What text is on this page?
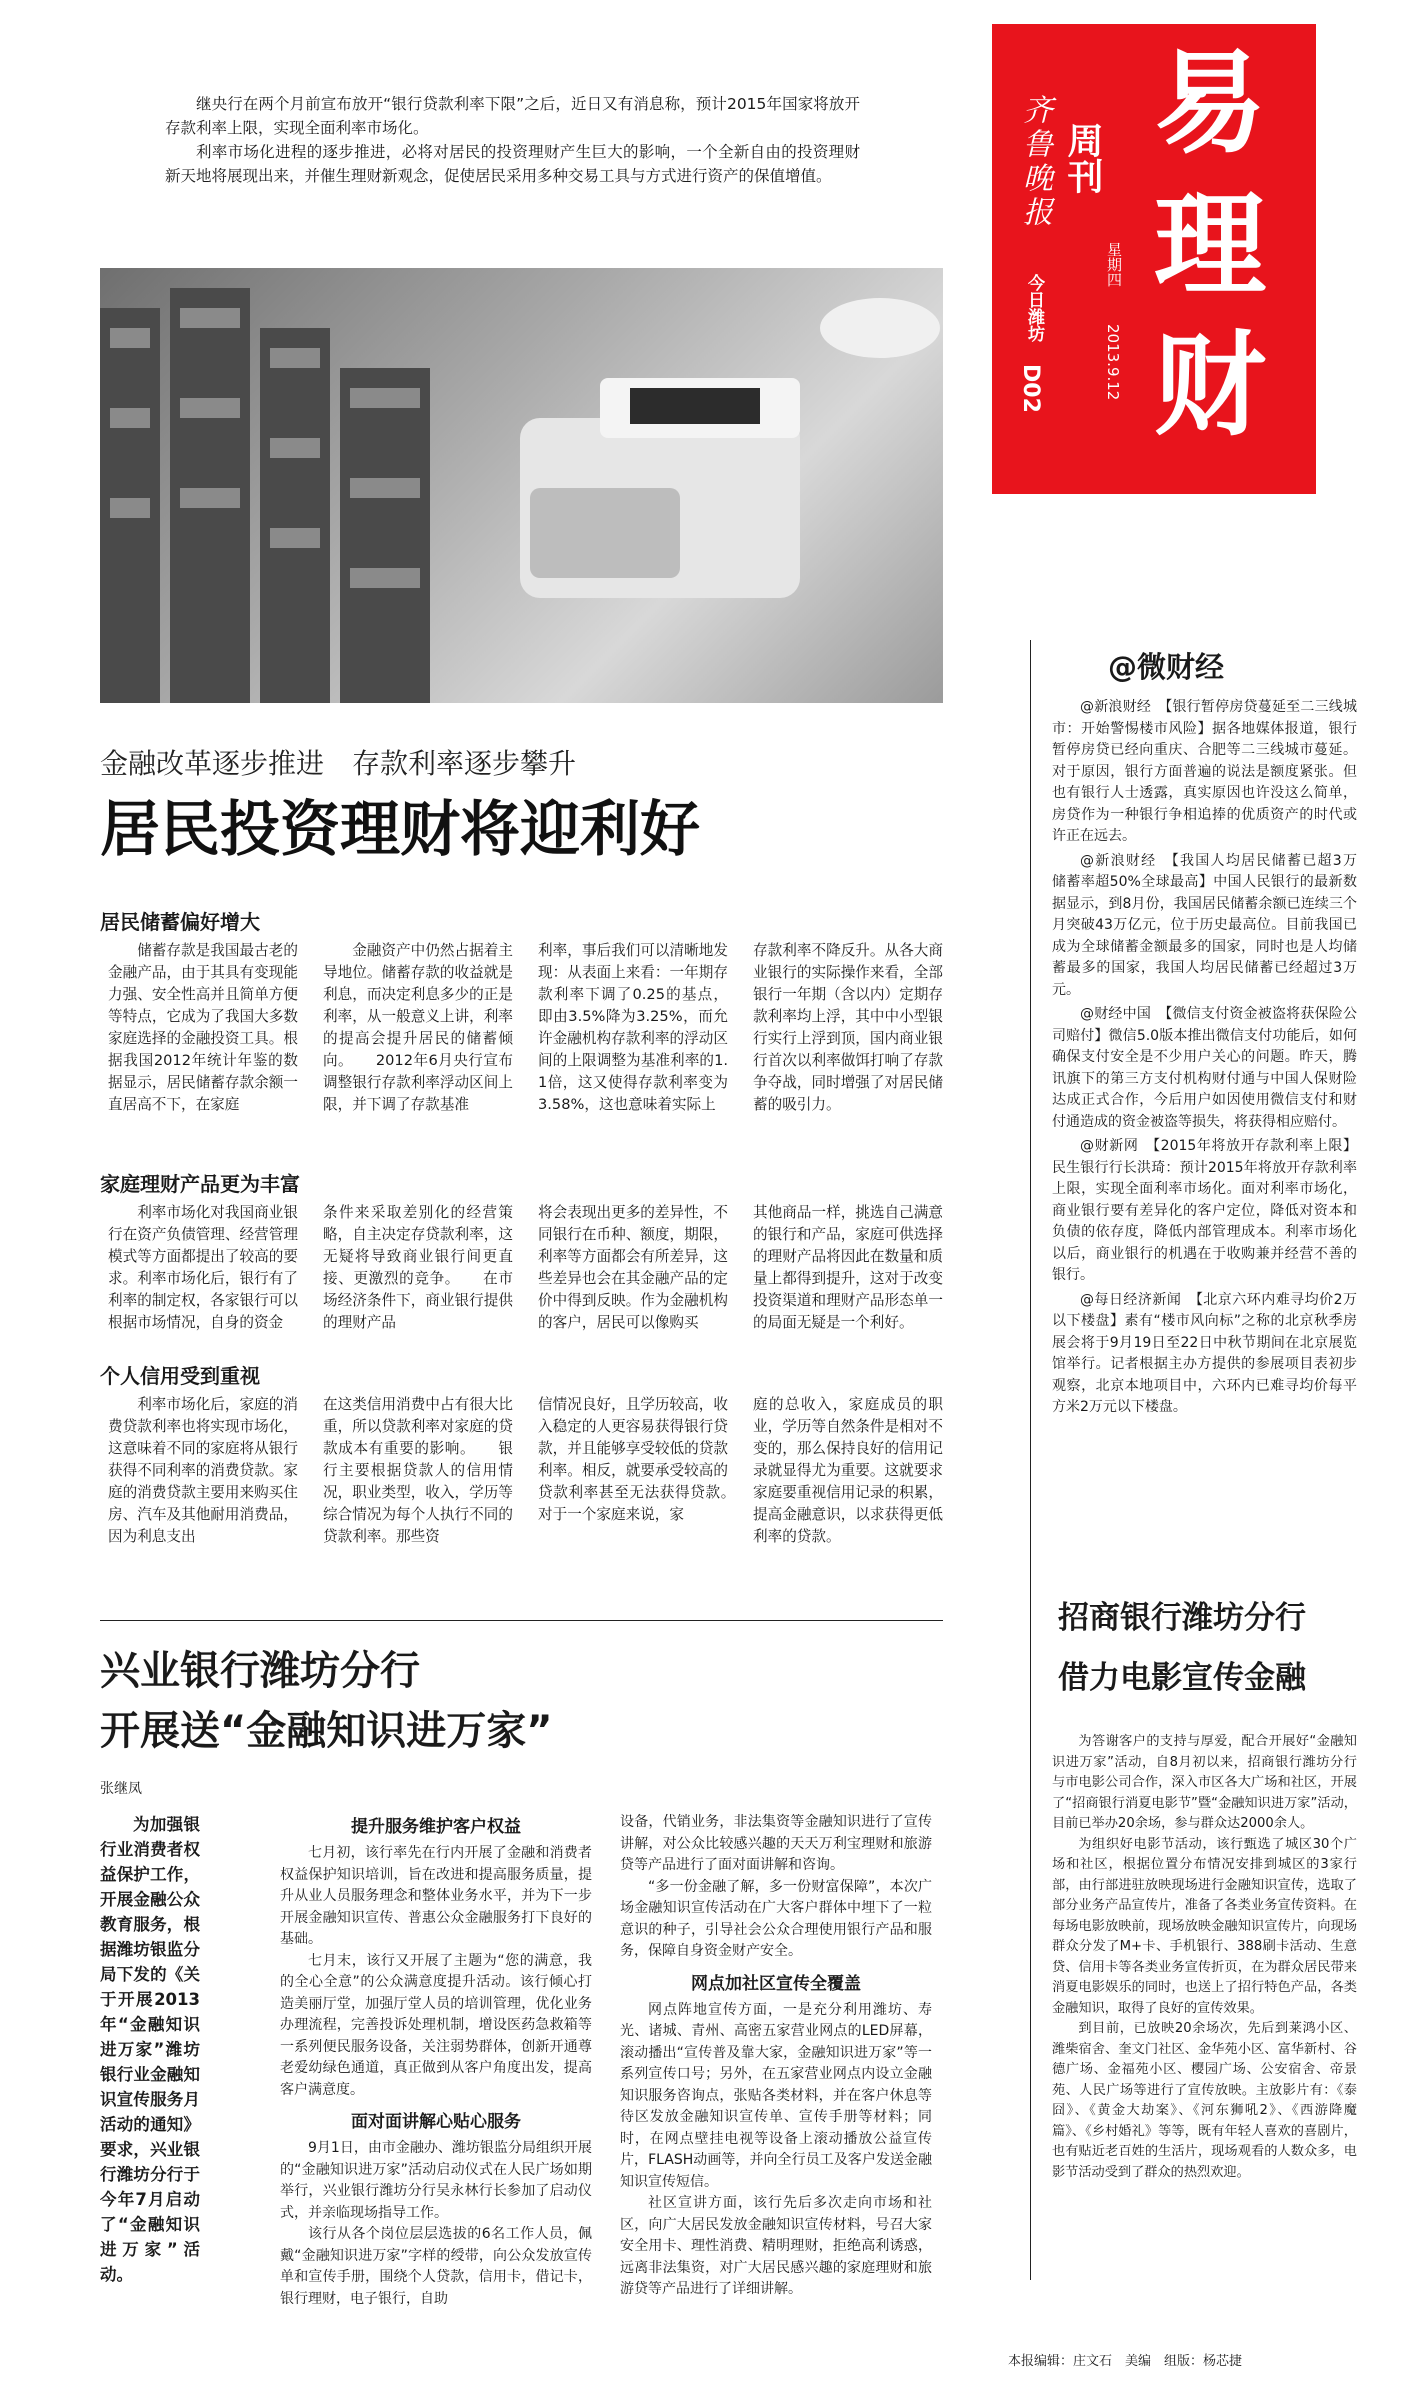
易
理
财
周刊
齐鲁晚报
今日潍坊
D02
星期四
2013.9.12

继央行在两个月前宣布放开“银行贷款利率下限”之后，近日又有消息称，预计2015年国家将放开存款利率上限，实现全面利率市场化。

利率市场化进程的逐步推进，必将对居民的投资理财产生巨大的影响，一个全新自由的投资理财新天地将展现出来，并催生理财新观念，促使居民采用多种交易工具与方式进行资产的保值增值。

金融改革逐步推进　存款利率逐步攀升
居民投资理财将迎利好
居民储蓄偏好增大

储蓄存款是我国最古老的金融产品，由于其具有变现能力强、安全性高并且简单方便等特点，它成为了我国大多数家庭选择的金融投资工具。根据我国2012年统计年鉴的数据显示，居民储蓄存款余额一直居高不下，在家庭

金融资产中仍然占据着主导地位。储蓄存款的收益就是利息，而决定利息多少的正是利率，从一般意义上讲，利率的提高会提升居民的储蓄倾向。　　2012年6月央行宣布调整银行存款利率浮动区间上限，并下调了存款基准

利率，事后我们可以清晰地发现：从表面上来看：一年期存款利率下调了0.25的基点，即由3.5%降为3.25%，而允许金融机构存款利率的浮动区间的上限调整为基准利率的1.1倍，这又使得存款利率变为3.58%，这也意味着实际上

存款利率不降反升。从各大商业银行的实际操作来看，全部银行一年期（含以内）定期存款利率均上浮，其中中小型银行实行上浮到顶，国内商业银行首次以利率做饵打响了存款争夺战，同时增强了对居民储蓄的吸引力。

家庭理财产品更为丰富

利率市场化对我国商业银行在资产负债管理、经营管理模式等方面都提出了较高的要求。利率市场化后，银行有了利率的制定权，各家银行可以根据市场情况，自身的资金

条件来采取差别化的经营策略，自主决定存贷款利率，这无疑将导致商业银行间更直接、更激烈的竞争。　　在市场经济条件下，商业银行提供的理财产品

将会表现出更多的差异性，不同银行在币种、额度，期限，利率等方面都会有所差异，这些差异也会在其金融产品的定价中得到反映。作为金融机构的客户，居民可以像购买

其他商品一样，挑选自己满意的银行和产品，家庭可供选择的理财产品将因此在数量和质量上都得到提升，这对于改变投资渠道和理财产品形态单一的局面无疑是一个利好。

个人信用受到重视

利率市场化后，家庭的消费贷款利率也将实现市场化，这意味着不同的家庭将从银行获得不同利率的消费贷款。家庭的消费贷款主要用来购买住房、汽车及其他耐用消费品，因为利息支出

在这类信用消费中占有很大比重，所以贷款利率对家庭的贷款成本有重要的影响。　　银行主要根据贷款人的信用情况，职业类型，收入，学历等综合情况为每个人执行不同的贷款利率。那些资

信情况良好，且学历较高，收入稳定的人更容易获得银行贷款，并且能够享受较低的贷款利率。相反，就要承受较高的贷款利率甚至无法获得贷款。　　对于一个家庭来说，家

庭的总收入，家庭成员的职业，学历等自然条件是相对不变的，那么保持良好的信用记录就显得尤为重要。这就要求家庭要重视信用记录的积累，提高金融意识，以求获得更低利率的贷款。

兴业银行潍坊分行
开展送“金融知识进万家”
张继凤

为加强银行业消费者权益保护工作，开展金融公众教育服务，根据潍坊银监分局下发的《关于开展2013年“金融知识进万家”潍坊银行业金融知识宣传服务月活动的通知》要求，兴业银行潍坊分行于今年7月启动了“金融知识进万家”活动。

提升服务维护客户权益

七月初，该行率先在行内开展了金融和消费者权益保护知识培训，旨在改进和提高服务质量，提升从业人员服务理念和整体业务水平，并为下一步开展金融知识宣传、普惠公众金融服务打下良好的基础。

七月末，该行又开展了主题为“您的满意，我的全心全意”的公众满意度提升活动。该行倾心打造美丽厅堂，加强厅堂人员的培训管理，优化业务办理流程，完善投诉处理机制，增设医药急救箱等一系列便民服务设备，关注弱势群体，创新开通尊老爱幼绿色通道，真正做到从客户角度出发，提高客户满意度。

面对面讲解心贴心服务

9月1日，由市金融办、潍坊银监分局组织开展的“金融知识进万家”活动启动仪式在人民广场如期举行，兴业银行潍坊分行吴永林行长参加了启动仪式，并亲临现场指导工作。

该行从各个岗位层层选拔的6名工作人员，佩戴“金融知识进万家”字样的绶带，向公众发放宣传单和宣传手册，围绕个人贷款，信用卡，借记卡，银行理财，电子银行，自助

设备，代销业务，非法集资等金融知识进行了宣传讲解，对公众比较感兴趣的天天万利宝理财和旅游贷等产品进行了面对面讲解和咨询。

“多一份金融了解，多一份财富保障”，本次广场金融知识宣传活动在广大客户群体中埋下了一粒意识的种子，引导社会公众合理使用银行产品和服务，保障自身资金财产安全。

网点加社区宣传全覆盖

网点阵地宣传方面，一是充分利用潍坊、寿光、诸城、青州、高密五家营业网点的LED屏幕，滚动播出“宣传普及靠大家，金融知识进万家”等一系列宣传口号；另外，在五家营业网点内设立金融知识服务咨询点，张贴各类材料，并在客户休息等待区发放金融知识宣传单、宣传手册等材料；同时，在网点壁挂电视等设备上滚动播放公益宣传片，FLASH动画等，并向全行员工及客户发送金融知识宣传短信。

社区宣讲方面，该行先后多次走向市场和社区，向广大居民发放金融知识宣传材料，号召大家安全用卡、理性消费、精明理财，拒绝高利诱惑，远离非法集资，对广大居民感兴趣的家庭理财和旅游贷等产品进行了详细讲解。

@微财经

@新浪财经　【银行暂停房贷蔓延至二三线城市：开始警惕楼市风险】据各地媒体报道，银行暂停房贷已经向重庆、合肥等二三线城市蔓延。对于原因，银行方面普遍的说法是额度紧张。但也有银行人士透露，真实原因也许没这么简单，房贷作为一种银行争相追捧的优质资产的时代或许正在远去。

@新浪财经　【我国人均居民储蓄已超3万　储蓄率超50%全球最高】中国人民银行的最新数据显示，到8月份，我国居民储蓄余额已连续三个月突破43万亿元，位于历史最高位。目前我国已成为全球储蓄金额最多的国家，同时也是人均储蓄最多的国家，我国人均居民储蓄已经超过3万元。

@财经中国　【微信支付资金被盗将获保险公司赔付】微信5.0版本推出微信支付功能后，如何确保支付安全是不少用户关心的问题。昨天，腾讯旗下的第三方支付机构财付通与中国人保财险达成正式合作，今后用户如因使用微信支付和财付通造成的资金被盗等损失，将获得相应赔付。

@财新网　【2015年将放开存款利率上限】民生银行行长洪琦：预计2015年将放开存款利率上限，实现全面利率市场化。面对利率市场化，商业银行要有差异化的客户定位，降低对资本和负债的依存度，降低内部管理成本。利率市场化以后，商业银行的机遇在于收购兼并经营不善的银行。

@每日经济新闻　【北京六环内难寻均价2万以下楼盘】素有“楼市风向标”之称的北京秋季房展会将于9月19日至22日中秋节期间在北京展览馆举行。记者根据主办方提供的参展项目表初步观察，北京本地项目中，六环内已难寻均价每平方米2万元以下楼盘。

招商银行潍坊分行
借力电影宣传金融

为答谢客户的支持与厚爱，配合开展好“金融知识进万家”活动，自8月初以来，招商银行潍坊分行与市电影公司合作，深入市区各大广场和社区，开展了“招商银行消夏电影节”暨“金融知识进万家”活动，目前已举办20余场，参与群众达2000余人。

为组织好电影节活动，该行甄选了城区30个广场和社区，根据位置分布情况安排到城区的3家行部，由行部进驻放映现场进行金融知识宣传，选取了部分业务产品宣传片，准备了各类业务宣传资料。在每场电影放映前，现场放映金融知识宣传片，向现场群众分发了M+卡、手机银行、388刷卡活动、生意贷、信用卡等各类业务宣传折页，在为群众居民带来消夏电影娱乐的同时，也送上了招行特色产品，各类金融知识，取得了良好的宣传效果。

到目前，已放映20余场次，先后到莱鸿小区、潍柴宿舍、奎文门社区、金华苑小区、富华新村、谷德广场、金福苑小区、樱园广场、公安宿舍、帝景苑、人民广场等进行了宣传放映。主放影片有：《泰囧》、《黄金大劫案》、《河东狮吼2》、《西游降魔篇》、《乡村婚礼》等等，既有年轻人喜欢的喜剧片，也有贴近老百姓的生活片，现场观看的人数众多，电影节活动受到了群众的热烈欢迎。

本报编辑：庄文石　美编　组版：杨芯捷
